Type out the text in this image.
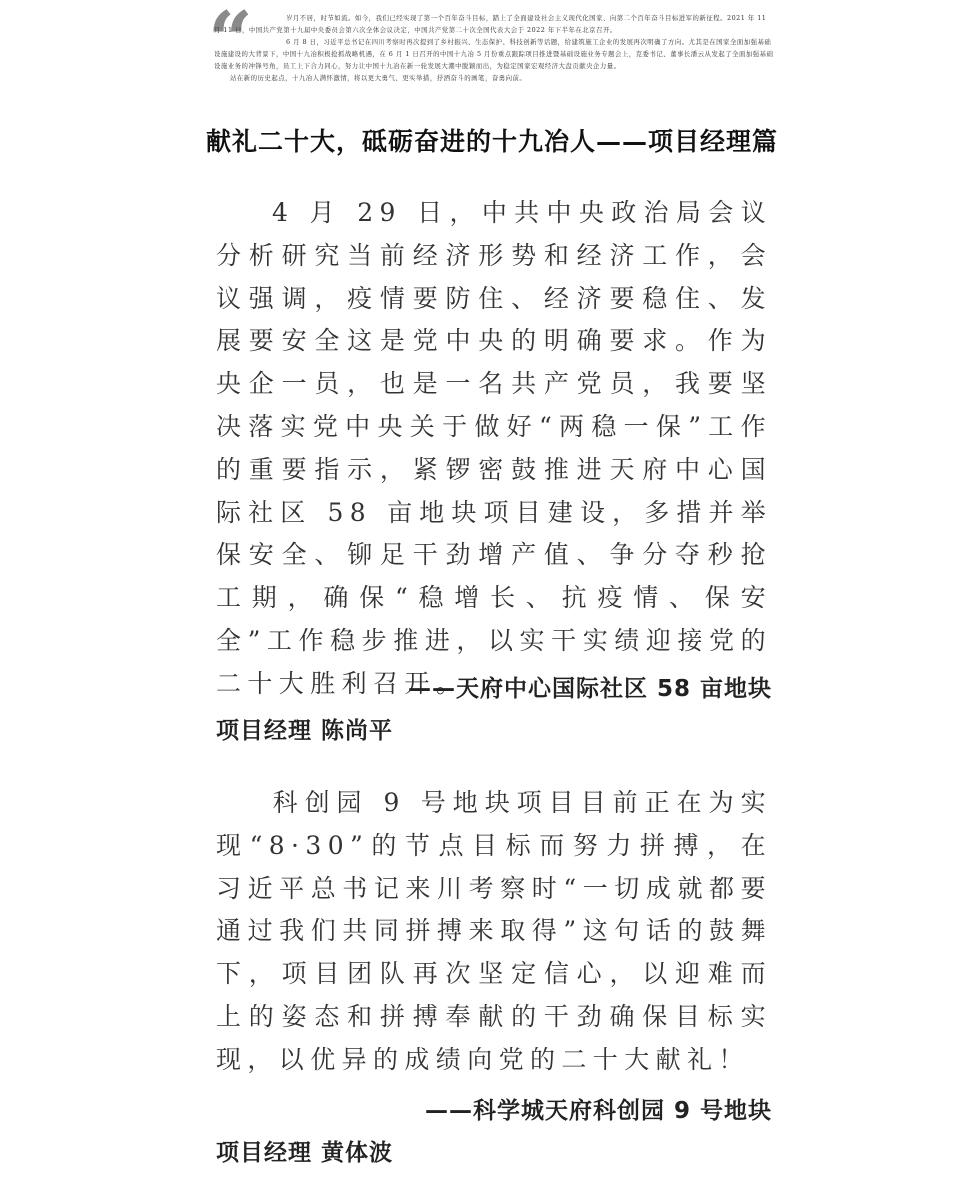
“	岁月不居，时节如流。如今，我们已经实现了第一个百年奋斗目标，踏上了全面建设社会主义现代化国家、向第二个百年奋斗目标进军的新征程。2021 年 11 月 11 日，中国共产党第十九届中央委员会第六次全体会议决定，中国共产党第二十次全国代表大会于 2022 年下半年在北京召开。

6 月 8 日，习近平总书记在四川考察时再次提到了乡村振兴、生态保护、科技创新等话题，给建筑施工企业的发展再次明确了方向。尤其是在国家全面加强基础设施建设的大背景下，中国十九冶积极抢抓战略机遇，在 6 月 1 日召开的中国十九冶 5 月份重点跟踪项目推进暨基础设施业务专题会上，克委书记、董事长潘云从发起了全面加强基础设施业务的冲锋号角，员工上下合力同心，努力让中国十九冶在新一轮发展大潮中脱颖而出，为稳定国家宏观经济大盘贡献央企力量。

站在新的历史起点，十九冶人满怀激情，将以更大勇气、更实举措，抒洒奋斗的画笔，奋勇向前。

献礼二十大，砥砺奋进的十九冶人——项目经理篇
4 月 29 日，中共中央政治局会议分析研究当前经济形势和经济工作，会议强调，疫情要防住、经济要稳住、发展要安全这是党中央的明确要求。作为央企一员，也是一名共产党员，我要坚决落实党中央关于做好“两稳一保”工作的重要指示，紧锣密鼓推进天府中心国际社区 58 亩地块项目建设，多措并举保安全、铆足干劲增产值、争分夺秒抢工期，确保“稳增长、抗疫情、保安全”工作稳步推进，以实干实绩迎接党的二十大胜利召开。
——天府中心国际社区 58 亩地块
项目经理 陈尚平
科创园 9 号地块项目目前正在为实现“8·30”的节点目标而努力拼搏，在习近平总书记来川考察时“一切成就都要通过我们共同拼搏来取得”这句话的鼓舞下，项目团队再次坚定信心，以迎难而上的姿态和拼搏奉献的干劲确保目标实现，以优异的成绩向党的二十大献礼！
——科学城天府科创园 9 号地块
项目经理 黄体波
